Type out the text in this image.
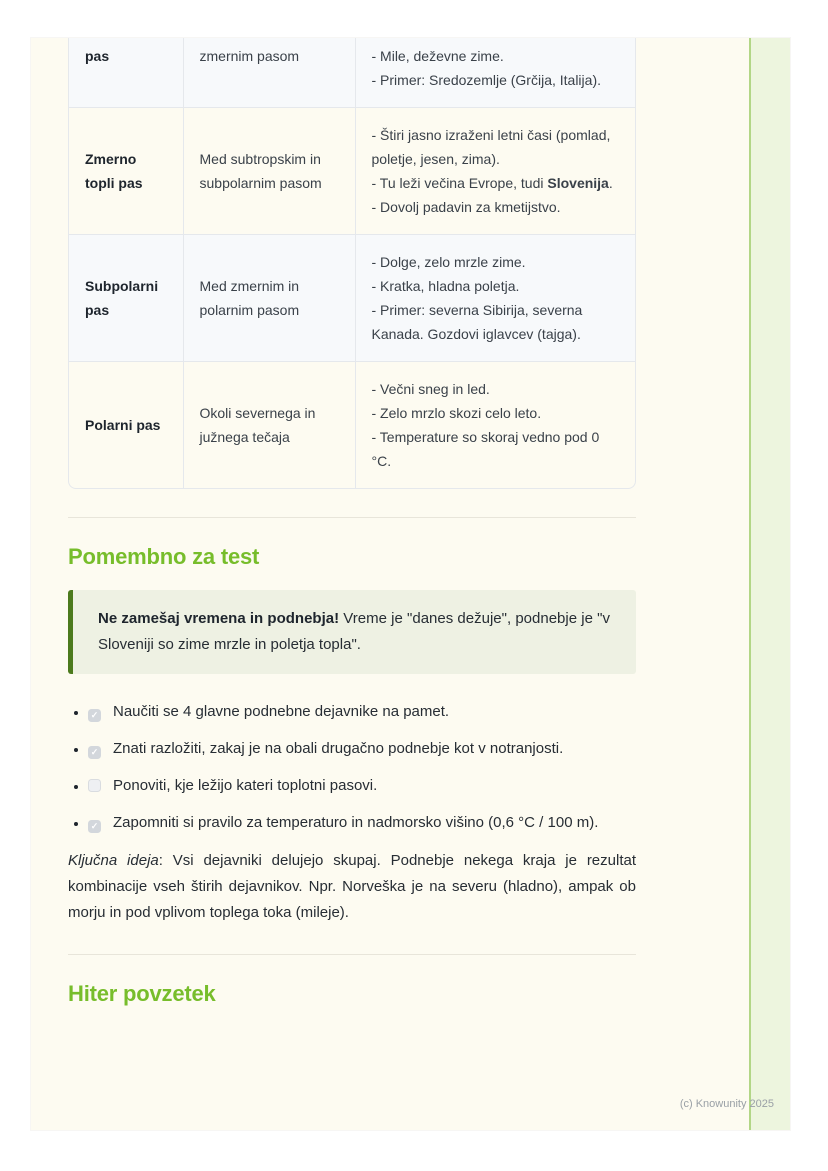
pas	zmernim pasom	- Mile, deževne zime.
- Primer: Sredozemlje (Grčija, Italija).

Zmerno topli pas	Med subtropskim in subpolarnim pasom	- Štiri jasno izraženi letni časi (pomlad, poletje, jesen, zima).
- Tu leži večina Evrope, tudi Slovenija.
- Dovolj padavin za kmetijstvo.

Subpolarni pas	Med zmernim in polarnim pasom	- Dolge, zelo mrzle zime.
- Kratka, hladna poletja.
- Primer: severna Sibirija, severna Kanada. Gozdovi iglavcev (tajga).

Polarni pas	Okoli severnega in južnega tečaja	- Večni sneg in led.
- Zelo mrzlo skozi celo leto.
- Temperature so skoraj vedno pod 0 °C.
Pomembno za test
Ne zamešaj vremena in podnebja! Vreme je "danes dežuje", podnebje je "v Sloveniji so zime mrzle in poletja topla".
✓• Naučiti se 4 glavne podnebne dejavnike na pamet.
✓• Znati razložiti, zakaj je na obali drugačno podnebje kot v notranjosti.
• Ponoviti, kje ležijo kateri toplotni pasovi.
✓• Zapomniti si pravilo za temperaturo in nadmorsko višino (0,6 °C / 100 m).

Ključna ideja: Vsi dejavniki delujejo skupaj. Podnebje nekega kraja je rezultat kombinacije vseh štirih dejavnikov. Npr. Norveška je na severu (hladno), ampak ob morju in pod vplivom toplega toka (mileje).

Hiter povzetek
(c) Knowunity 2025
